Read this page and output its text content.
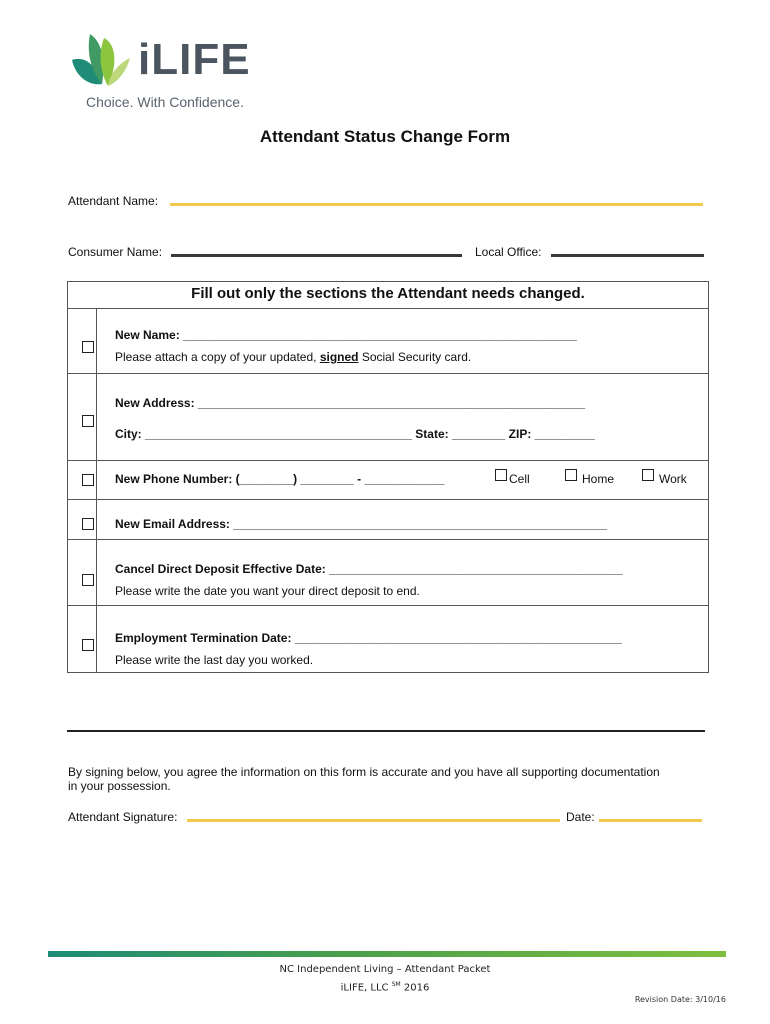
iLIFE
Choice. With Confidence.
Attendant Status Change Form
Attendant Name:
Consumer Name:	Local Office:
Fill out only the sections the Attendant needs changed.
New Name: ___________________________________________________________
Please attach a copy of your updated, signed Social Security card.
New Address: __________________________________________________________
City: ________________________________________ State: ________ ZIP: _________
New Phone Number: (________) ________ - ____________	Cell	Home	Work
New Email Address: ________________________________________________________
Cancel Direct Deposit Effective Date: ____________________________________________
Please write the date you want your direct deposit to end.
Employment Termination Date: _________________________________________________
Please write the last day you worked.
By signing below, you agree the information on this form is accurate and you have all supporting documentation
in your possession.
Attendant Signature:	Date:
NC Independent Living – Attendant Packet
iLIFE, LLC ℠ 2016
Revision Date: 3/10/16
